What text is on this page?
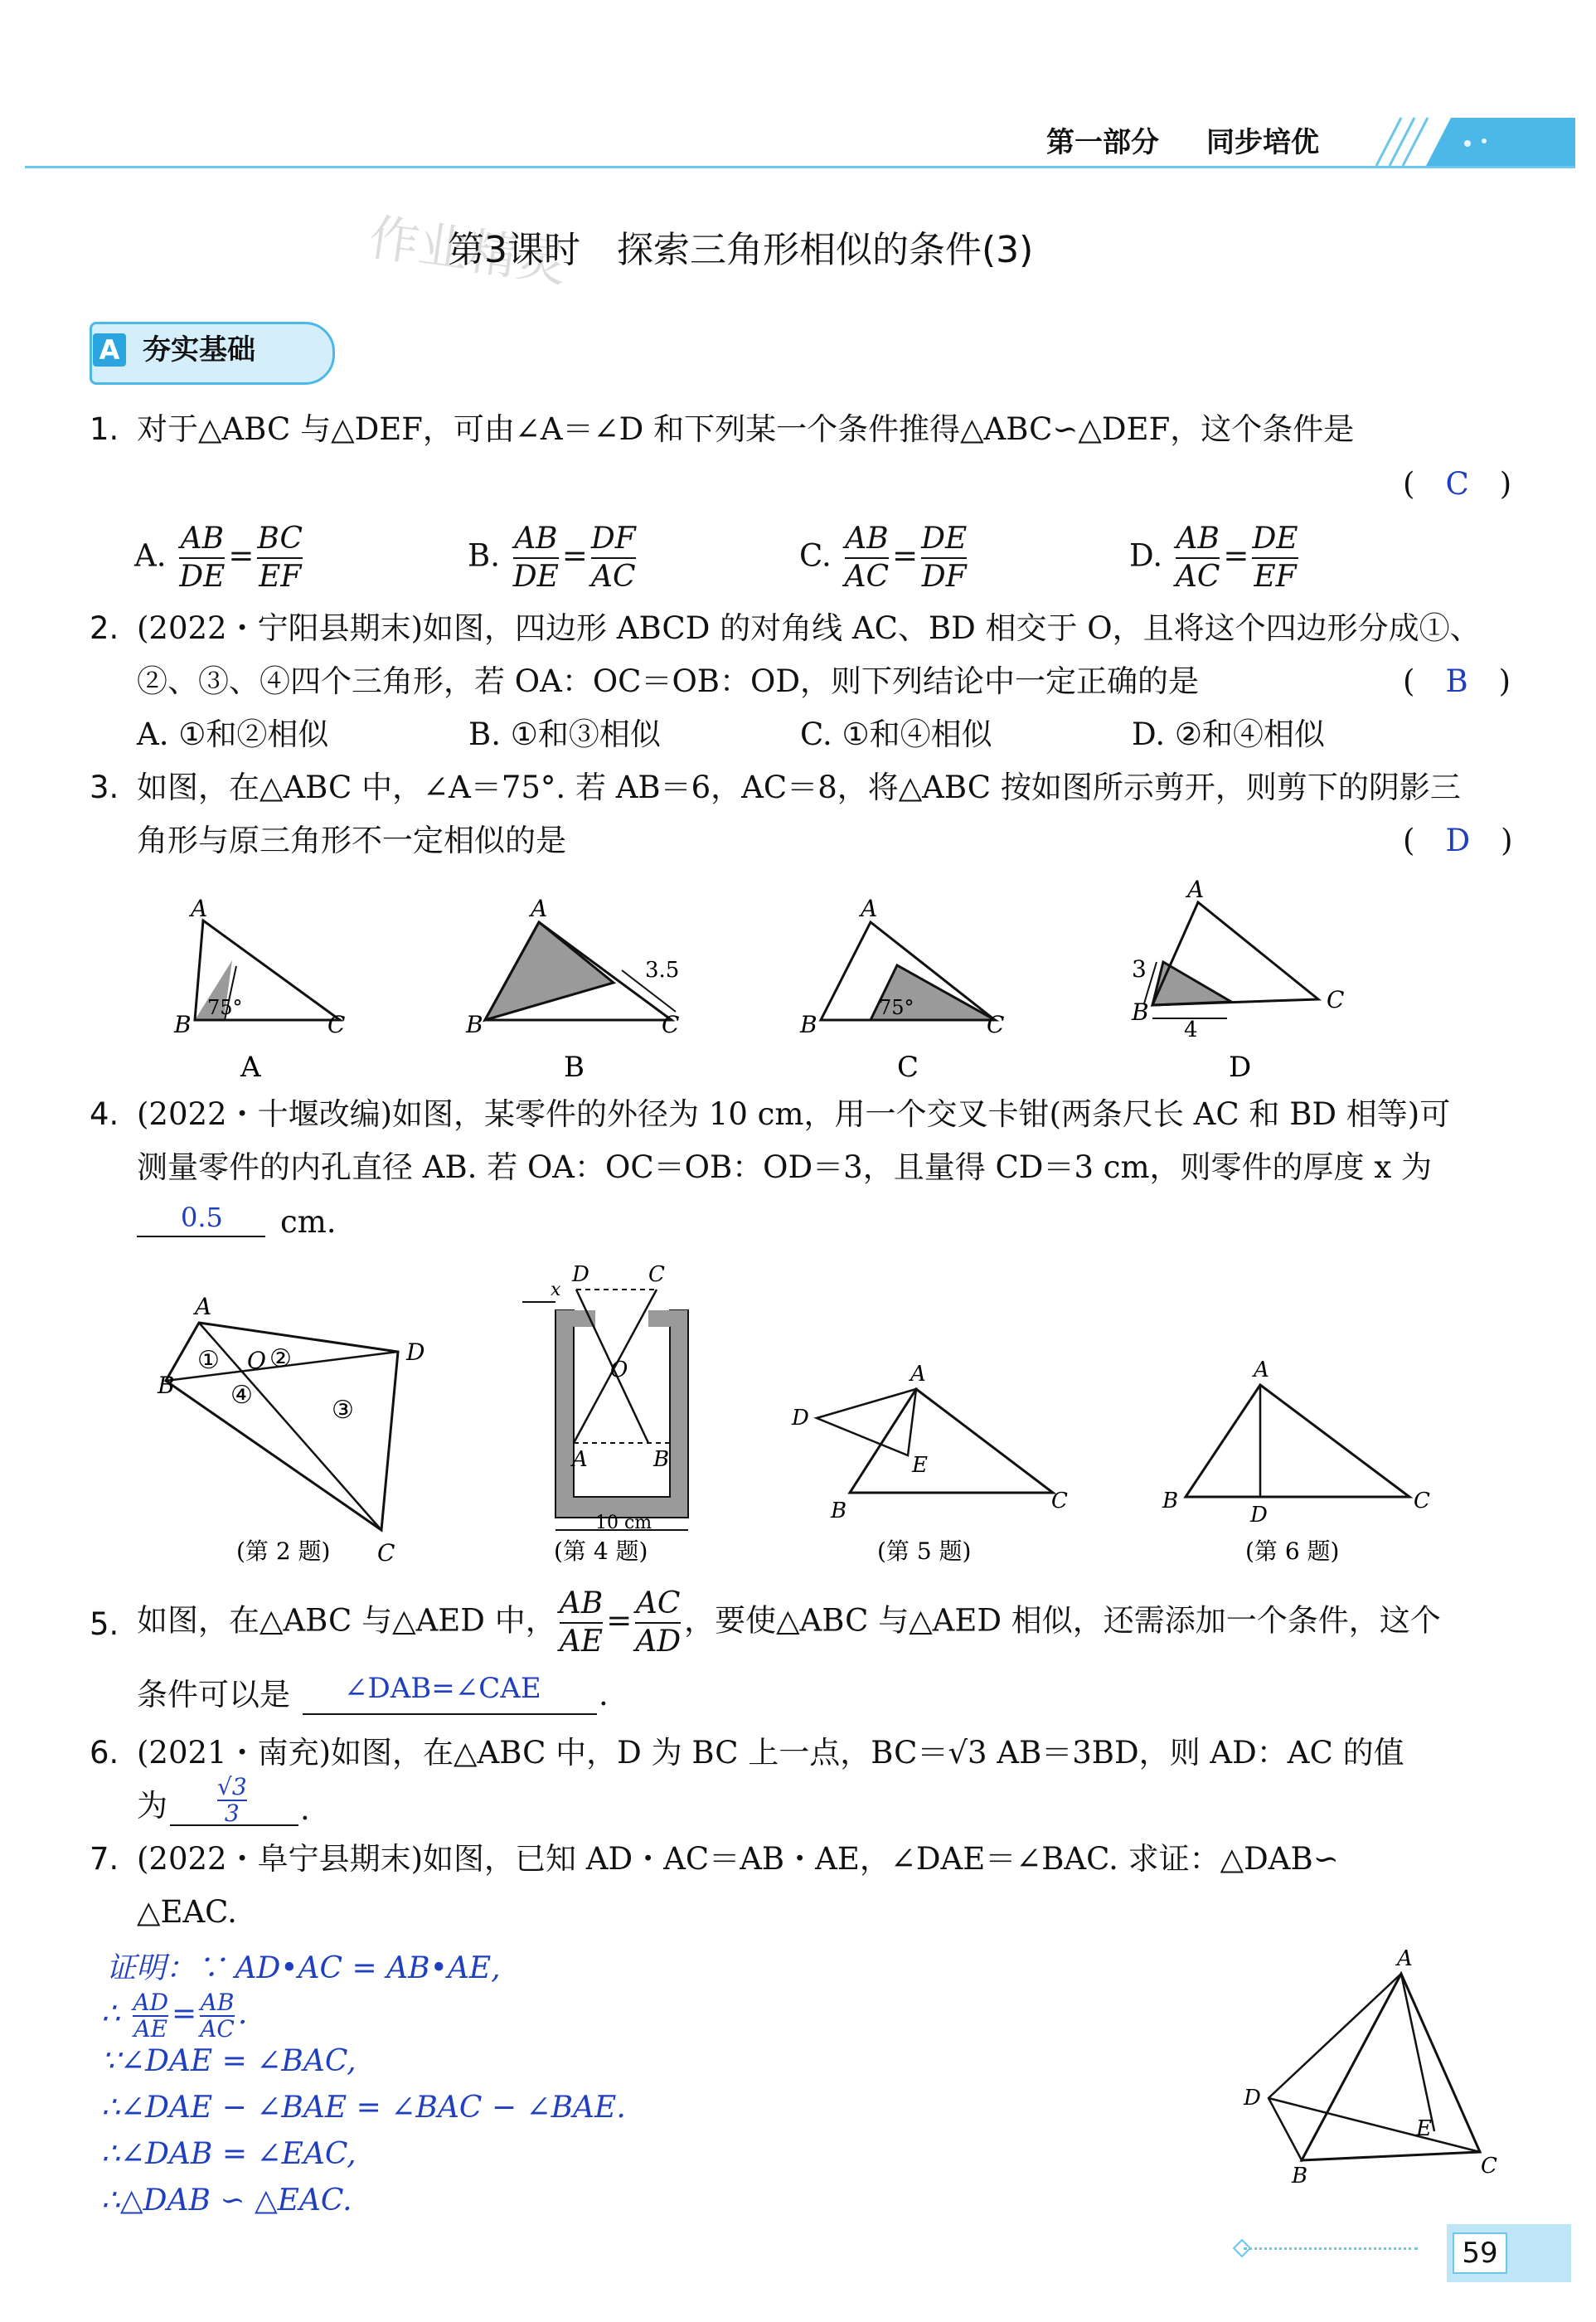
第一部分 同步培优
作业精灵
第3课时　探索三角形相似的条件(3)
A 夯实基础
1. 对于△ABC 与△DEF，可由∠A＝∠D 和下列某一个条件推得△ABC∽△DEF，这个条件是
(　C　)
A. $\frac{AB}{DE} = \frac{BC}{EF}$	B. $\frac{AB}{DE} = \frac{DF}{AC}$	C. $\frac{AB}{AC} = \frac{DE}{DF}$	D. $\frac{AB}{AC} = \frac{DE}{EF}$
2. (2022・宁阳县期末)如图，四边形 ABCD 的对角线 AC、BD 相交于 O，且将这个四边形分成①、
②、③、④四个三角形，若 OA：OC＝OB：OD，则下列结论中一定正确的是	(　B　)
A. ①和②相似	B. ①和③相似	C. ①和④相似	D. ②和④相似
3. 如图，在△ABC 中，∠A＝75°. 若 AB＝6，AC＝8，将△ABC 按如图所示剪开，则剪下的阴影三
角形与原三角形不一定相似的是	(　D　)
A
B	C
75°
A
A
B	C
3.5
B
A
B	C
75°
C
A
B	C
3
4
D
4. (2022・十堰改编)如图，某零件的外径为 10 cm，用一个交叉卡钳(两条尺长 AC 和 BD 相等)可
测量零件的内孔直径 AB. 若 OA：OC＝OB：OD＝3，且量得 CD＝3 cm，则零件的厚度 x 为
0.5 cm.
A
B
C
D
O
① ②
③
④
(第 2 题)
D	C
x
O
A	B
10 cm
(第 4 题)
A
D
E
B	C
(第 5 题)
A
B
D
C
(第 6 题)
5. 如图，在△ABC 与△AED 中， $\frac{AB}{AE} = \frac{AC}{AD}$ ，要使△ABC 与△AED 相似，还需添加一个条件，这个
条件可以是 ∠DAB=∠CAE .
6. (2021・南充)如图，在△ABC 中，D 为 BC 上一点，BC＝√3 AB＝3BD，则 AD：AC 的值
为 $\frac{√3}{3}$ .
7. (2022・阜宁县期末)如图，已知 AD・AC＝AB・AE，∠DAE＝∠BAC. 求证：△DAB∽
△EAC.
证明：∵ AD•AC = AB•AE,
∴ $\frac{AD}{AE} = \frac{AB}{AC}$ .
∵∠DAE = ∠BAC,
∴∠DAE − ∠BAE = ∠BAC − ∠BAE.
∴∠DAB = ∠EAC,
∴△DAB ∽ △EAC.
A
D
E
B	C
59
